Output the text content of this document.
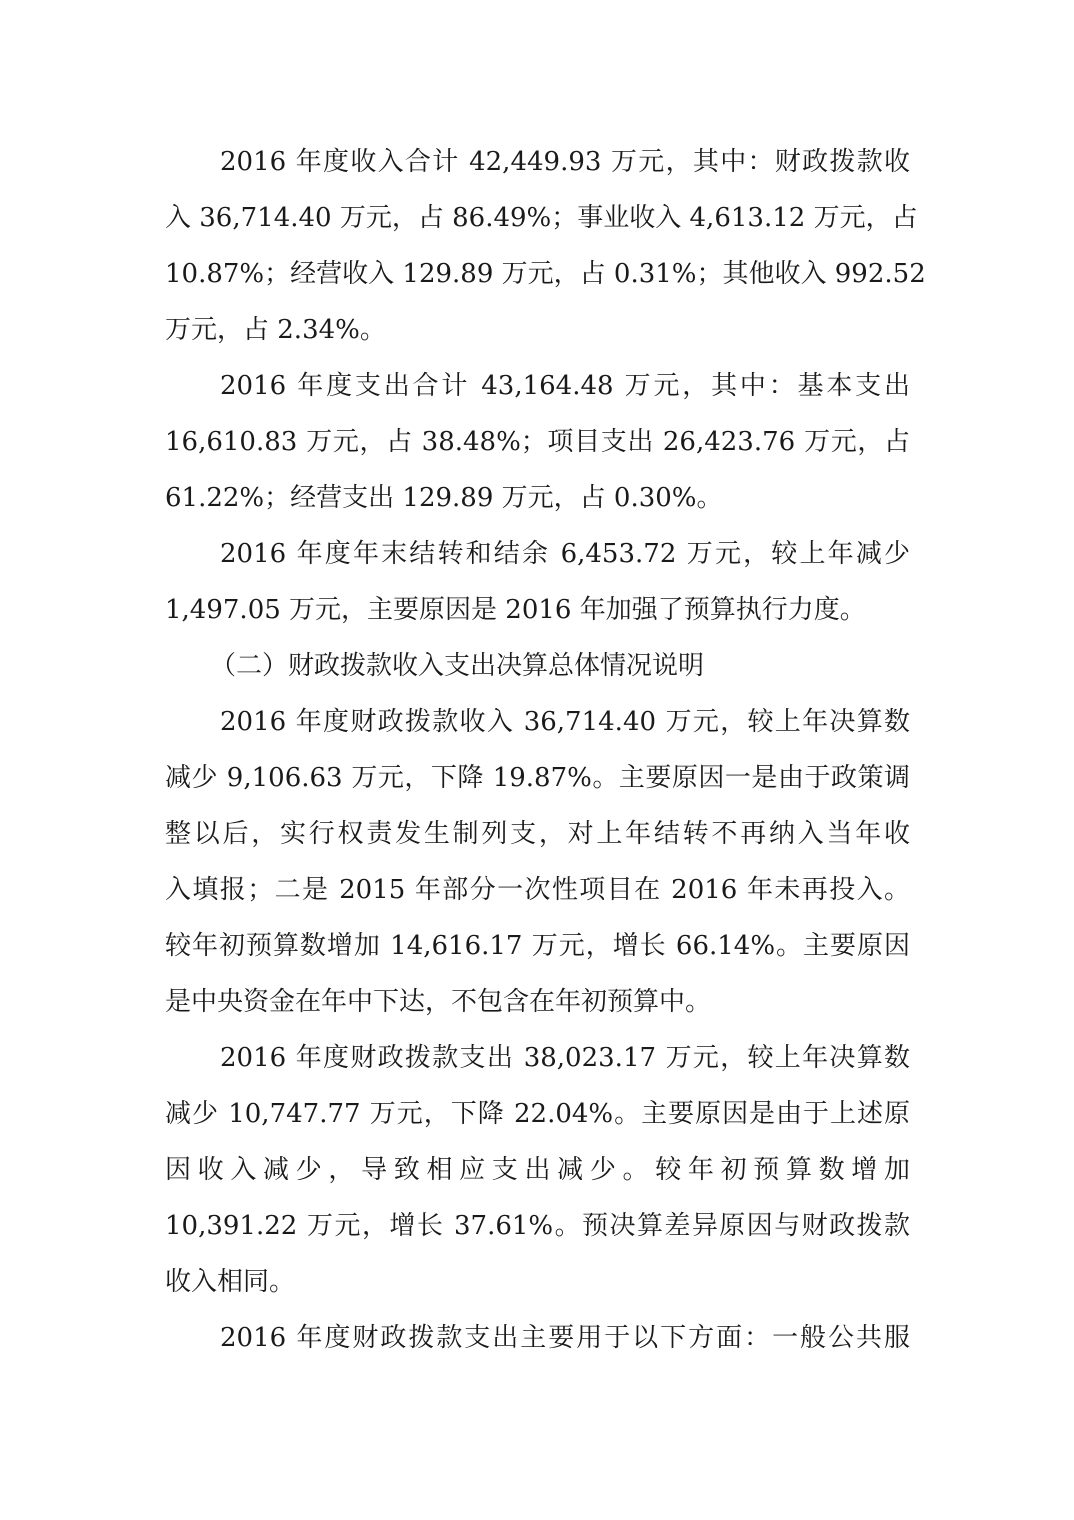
2016 年度收入合计 42,449.93 万元，其中：财政拨款收
入 36,714.40 万元，占 86.49%；事业收入 4,613.12 万元，占
10.87%；经营收入 129.89 万元，占 0.31%；其他收入 992.52
万元，占 2.34%。
2016 年度支出合计 43,164.48 万元，其中：基本支出
16,610.83 万元，占 38.48%；项目支出 26,423.76 万元，占
61.22%；经营支出 129.89 万元，占 0.30%。
2016 年度年末结转和结余 6,453.72 万元，较上年减少
1,497.05 万元，主要原因是 2016 年加强了预算执行力度。
（二）财政拨款收入支出决算总体情况说明
2016 年度财政拨款收入 36,714.40 万元，较上年决算数
减少 9,106.63 万元，下降 19.87%。主要原因一是由于政策调
整以后，实行权责发生制列支，对上年结转不再纳入当年收
入填报；二是 2015 年部分一次性项目在 2016 年未再投入。
较年初预算数增加 14,616.17 万元，增长 66.14%。主要原因
是中央资金在年中下达，不包含在年初预算中。
2016 年度财政拨款支出 38,023.17 万元，较上年决算数
减少 10,747.77 万元，下降 22.04%。主要原因是由于上述原
因收入减少，导致相应支出减少。较年初预算数增加
10,391.22 万元，增长 37.61%。预决算差异原因与财政拨款
收入相同。
2016 年度财政拨款支出主要用于以下方面：一般公共服
